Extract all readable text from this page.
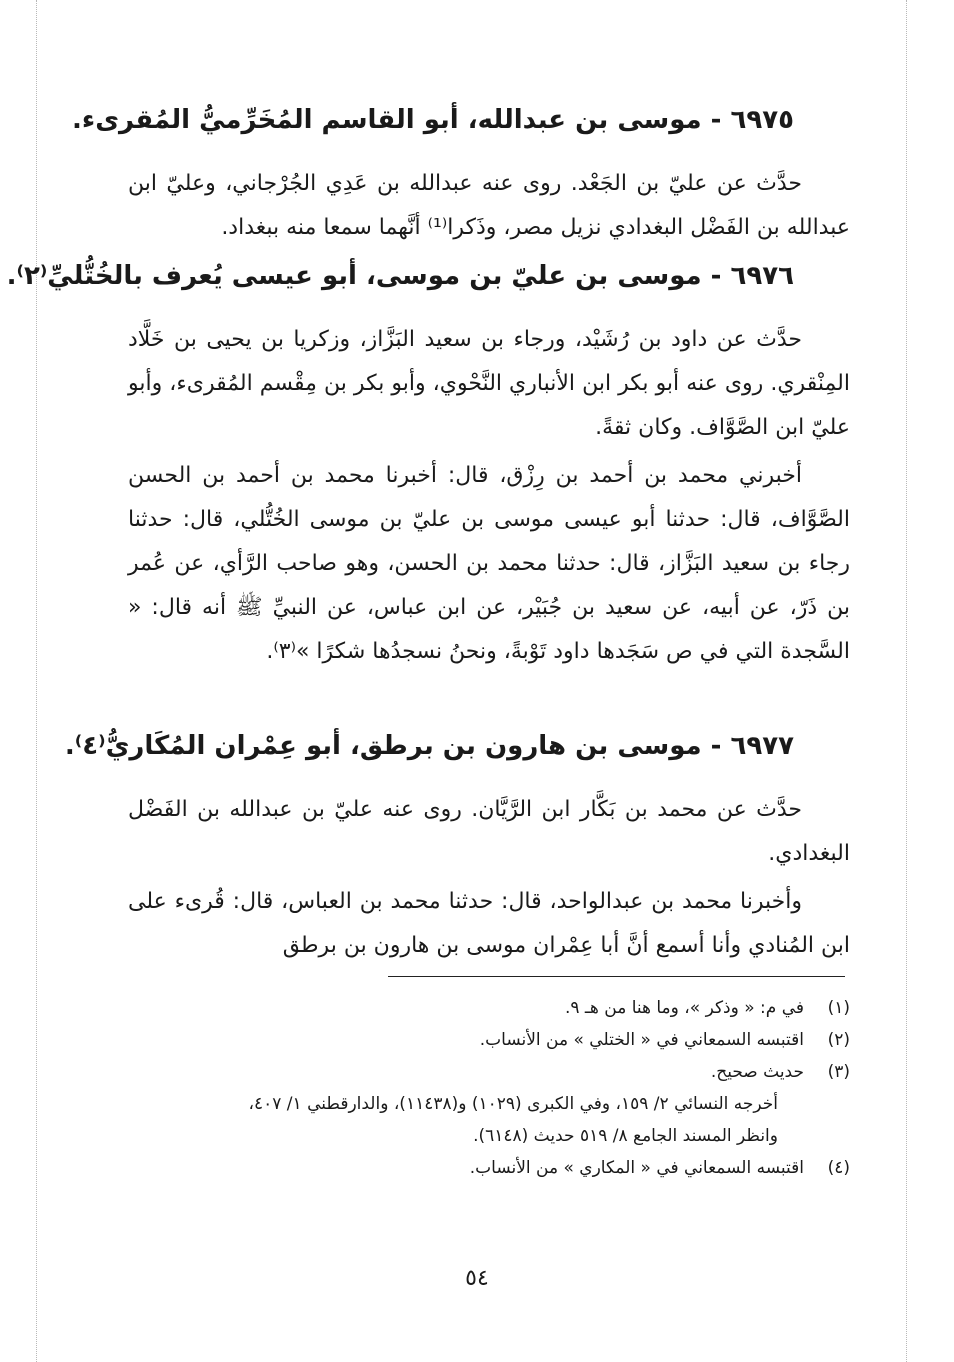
٦٩٧٥ - موسى بن عبدالله، أبو القاسم المُخَرِّميُّ المُقرىء.

حدَّث عن عليّ بن الجَعْد. روى عنه عبدالله بن عَدِي الجُرْجاني، وعليّ ابن عبدالله بن الفَضْل البغدادي نزيل مصر، وذَكرا⁽¹⁾ أنَّهما سمعا منه ببغداد.

٦٩٧٦ - موسى بن عليّ بن موسى، أبو عيسى يُعرف بالخُتُّليِّ⁽٢⁾.

حدَّث عن داود بن رُشَيْد، ورجاء بن سعيد البَزَّاز، وزكريا بن يحيى بن خَلَّاد المِنْقري. روى عنه أبو بكر ابن الأنباري النَّحْوي، وأبو بكر بن مِقْسم المُقرىء، وأبو عليّ ابن الصَّوَّاف. وكان ثقةً.

أخبرني محمد بن أحمد بن رِزْق، قال: أخبرنا محمد بن أحمد بن الحسن الصَّوَّاف، قال: حدثنا أبو عيسى موسى بن عليّ بن موسى الخُتُّلي، قال: حدثنا رجاء بن سعيد البَزَّاز، قال: حدثنا محمد بن الحسن، وهو صاحب الرَّأي، عن عُمر بن ذَرّ، عن أبيه، عن سعيد بن جُبَيْر، عن ابن عباس، عن النبيِّ ﷺ أنه قال: « السَّجدة التي في ص سَجَدها داود تَوْبةً، ونحنُ نسجدُها شكرًا »⁽٣⁾.

٦٩٧٧ - موسى بن هارون بن برطق، أبو عِمْران المُكَاريُّ⁽٤⁾.

حدَّث عن محمد بن بَكَّار ابن الرَّيَّان. روى عنه عليّ بن عبدالله بن الفَضْل البغدادي.

وأخبرنا محمد بن عبدالواحد، قال: حدثنا محمد بن العباس، قال: قُرىء على ابن المُنادي وأنا أسمع أنَّ أبا عِمْران موسى بن هارون بن برطق

(١)
في م: « وذكر »، وما هنا من هـ ٩.
(٢)
اقتبسه السمعاني في « الختلي » من الأنساب.
(٣)
حديث صحيح.
أخرجه النسائي ٢/ ١٥٩، وفي الكبرى (١٠٢٩) و(١١٤٣٨)، والدارقطني ١/ ٤٠٧،
وانظر المسند الجامع ٨/ ٥١٩ حديث (٦١٤٨).
(٤)
اقتبسه السمعاني في « المكاري » من الأنساب.
٥٤
